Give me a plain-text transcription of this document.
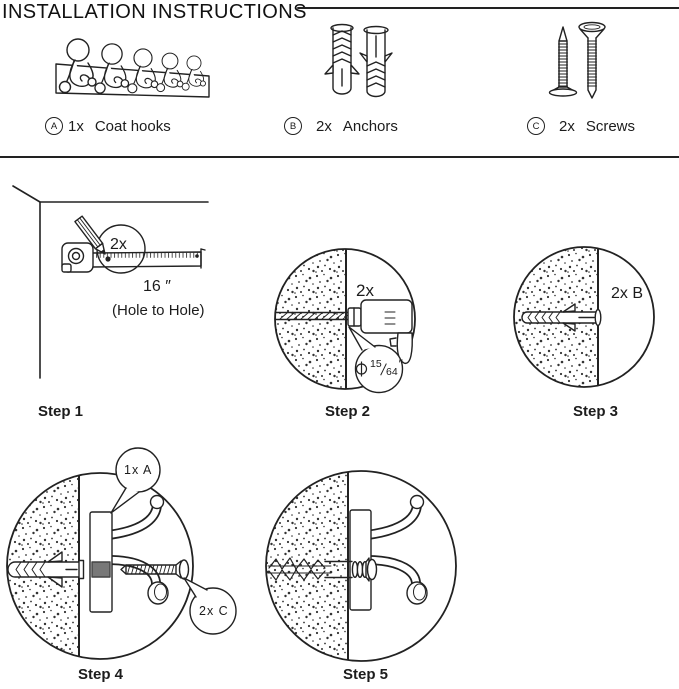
INSTALLATION INSTRUCTIONS
A 1x Coat hooks	B	2x Anchors	C	2x Screws
2x
16 ″
(Hole to Hole)
Step 1
2x
15
64
″
Step 2
2x B
Step 3
1x A
2x C
Step 4	Step 5
